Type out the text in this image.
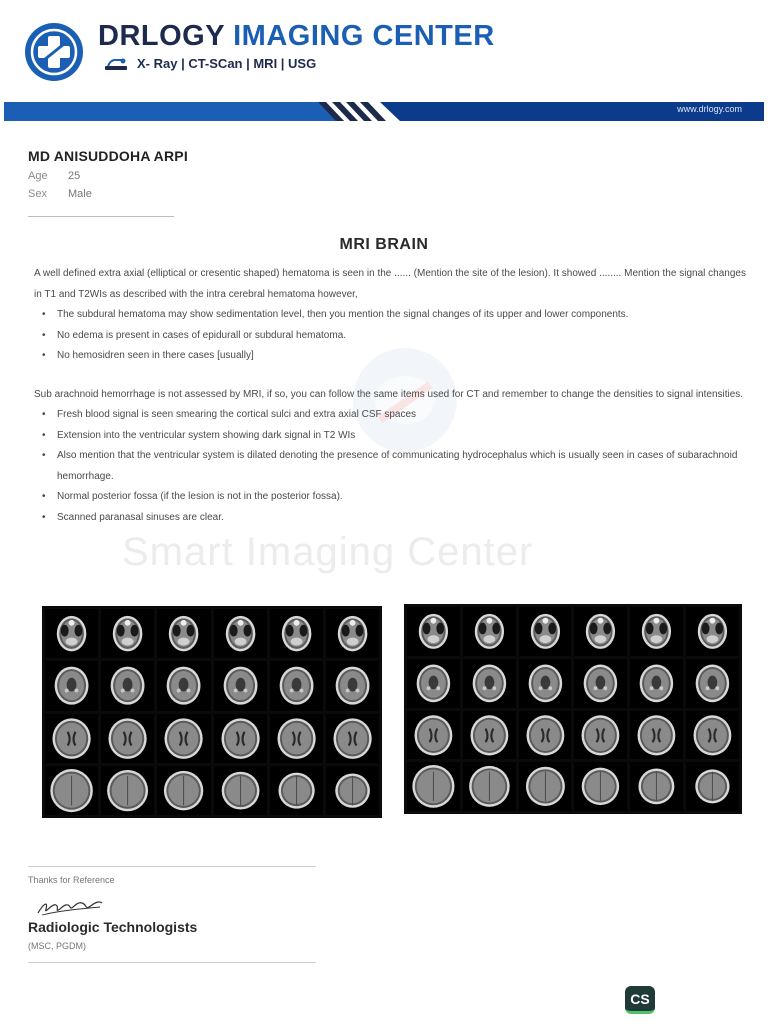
DRLOGY IMAGING CENTER
X- Ray | CT-SCan | MRI | USG
www.drlogy.com
MD ANISUDDOHA ARPI
Age	25
Sex	Male
Smart Imaging Center
MRI BRAIN

A well defined extra axial (elliptical or cresentic shaped) hematoma is seen in the ...... (Mention the site of the lesion). It showed ........ Mention the signal changes in T1 and T2WIs as described with the intra cerebral hematoma however,

• The subdural hematoma may show sedimentation level, then you mention the signal changes of its upper and lower components.
• No edema is present in cases of epidurall or subdural hematoma.
• No hemosidren seen in there cases [usually]

Sub arachnoid hemorrhage is not assessed by MRI, if so, you can follow the same items used for CT and remember to change the densities to signal intensities.

• Fresh blood signal is seen smearing the cortical sulci and extra axial CSF spaces
• Extension into the ventricular system showing dark signal in T2 WIs
• Also mention that the ventricular system is dilated denoting the presence of communicating hydrocephalus which is usually seen in cases of subarachnoid hemorrhage.
• Normal posterior fossa (if the lesion is not in the posterior fossa).
• Scanned paranasal sinuses are clear.
Thanks for Reference
Radiologic Technologists
(MSC, PGDM)
CS
